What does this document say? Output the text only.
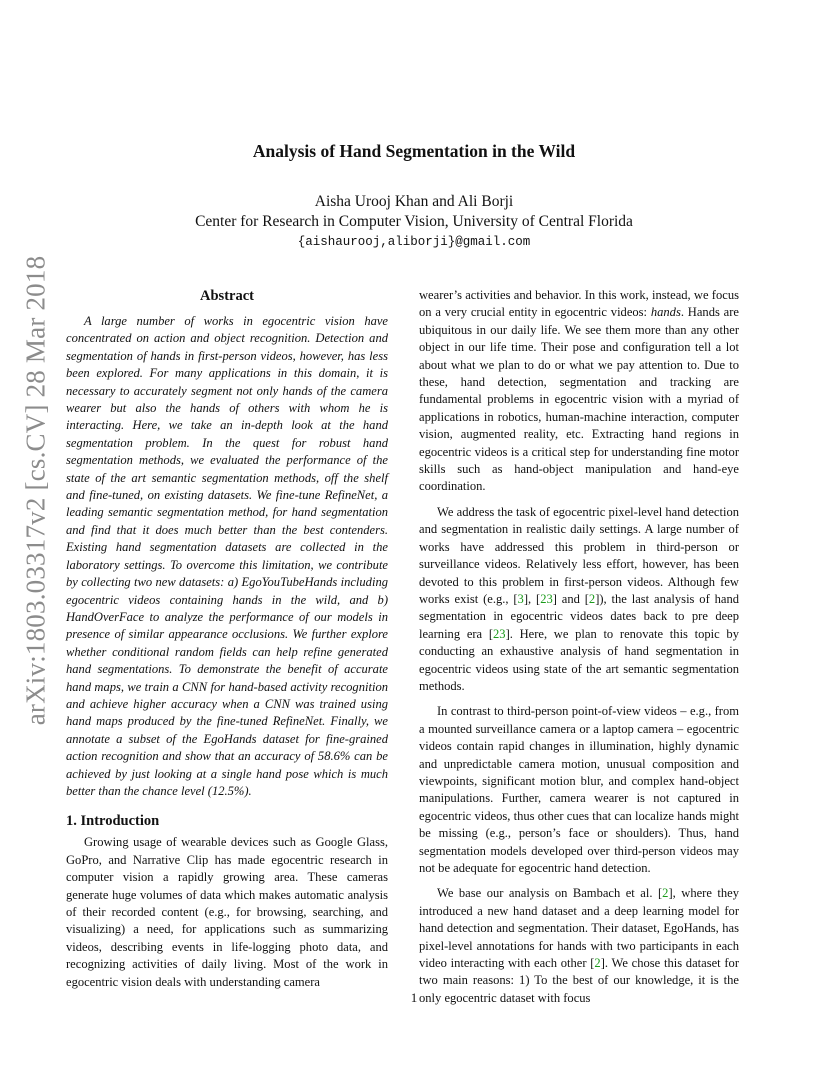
arXiv:1803.03317v2 [cs.CV] 28 Mar 2018
Analysis of Hand Segmentation in the Wild
Aisha Urooj Khan and Ali Borji
Center for Research in Computer Vision, University of Central Florida
{aishaurooj,aliborji}@gmail.com
Abstract

A large number of works in egocentric vision have concentrated on action and object recognition. Detection and segmentation of hands in first-person videos, however, has less been explored. For many applications in this domain, it is necessary to accurately segment not only hands of the camera wearer but also the hands of others with whom he is interacting. Here, we take an in-depth look at the hand segmentation problem. In the quest for robust hand segmentation methods, we evaluated the performance of the state of the art semantic segmentation methods, off the shelf and fine-tuned, on existing datasets. We fine-tune RefineNet, a leading semantic segmentation method, for hand segmentation and find that it does much better than the best contenders. Existing hand segmentation datasets are collected in the laboratory settings. To overcome this limitation, we contribute by collecting two new datasets: a) EgoYouTubeHands including egocentric videos containing hands in the wild, and b) HandOverFace to analyze the performance of our models in presence of similar appearance occlusions. We further explore whether conditional random fields can help refine generated hand segmentations. To demonstrate the benefit of accurate hand maps, we train a CNN for hand-based activity recognition and achieve higher accuracy when a CNN was trained using hand maps produced by the fine-tuned RefineNet. Finally, we annotate a subset of the EgoHands dataset for fine-grained action recognition and show that an accuracy of 58.6% can be achieved by just looking at a single hand pose which is much better than the chance level (12.5%).

1. Introduction

Growing usage of wearable devices such as Google Glass, GoPro, and Narrative Clip has made egocentric research in computer vision a rapidly growing area. These cameras generate huge volumes of data which makes automatic analysis of their recorded content (e.g., for browsing, searching, and visualizing) a need, for applications such as summarizing videos, describing events in life-logging photo data, and recognizing activities of daily living. Most of the work in egocentric vision deals with understanding camera

wearer’s activities and behavior. In this work, instead, we focus on a very crucial entity in egocentric videos: hands. Hands are ubiquitous in our daily life. We see them more than any other object in our life time. Their pose and configuration tell a lot about what we plan to do or what we pay attention to. Due to these, hand detection, segmentation and tracking are fundamental problems in egocentric vision with a myriad of applications in robotics, human-machine interaction, computer vision, augmented reality, etc. Extracting hand regions in egocentric videos is a critical step for understanding fine motor skills such as hand-object manipulation and hand-eye coordination.

We address the task of egocentric pixel-level hand detection and segmentation in realistic daily settings. A large number of works have addressed this problem in third-person or surveillance videos. Relatively less effort, however, has been devoted to this problem in first-person videos. Although few works exist (e.g., [3], [23] and [2]), the last analysis of hand segmentation in egocentric videos dates back to pre deep learning era [23]. Here, we plan to renovate this topic by conducting an exhaustive analysis of hand segmentation in egocentric videos using state of the art semantic segmentation methods.

In contrast to third-person point-of-view videos – e.g., from a mounted surveillance camera or a laptop camera – egocentric videos contain rapid changes in illumination, highly dynamic and unpredictable camera motion, unusual composition and viewpoints, significant motion blur, and complex hand-object manipulations. Further, camera wearer is not captured in egocentric videos, thus other cues that can localize hands might be missing (e.g., person’s face or shoulders). Thus, hand segmentation models developed over third-person videos may not be adequate for egocentric hand detection.

We base our analysis on Bambach et al. [2], where they introduced a new hand dataset and a deep learning model for hand detection and segmentation. Their dataset, EgoHands, has pixel-level annotations for hands with two participants in each video interacting with each other [2]. We chose this dataset for two main reasons: 1) To the best of our knowledge, it is the only egocentric dataset with focus

1
